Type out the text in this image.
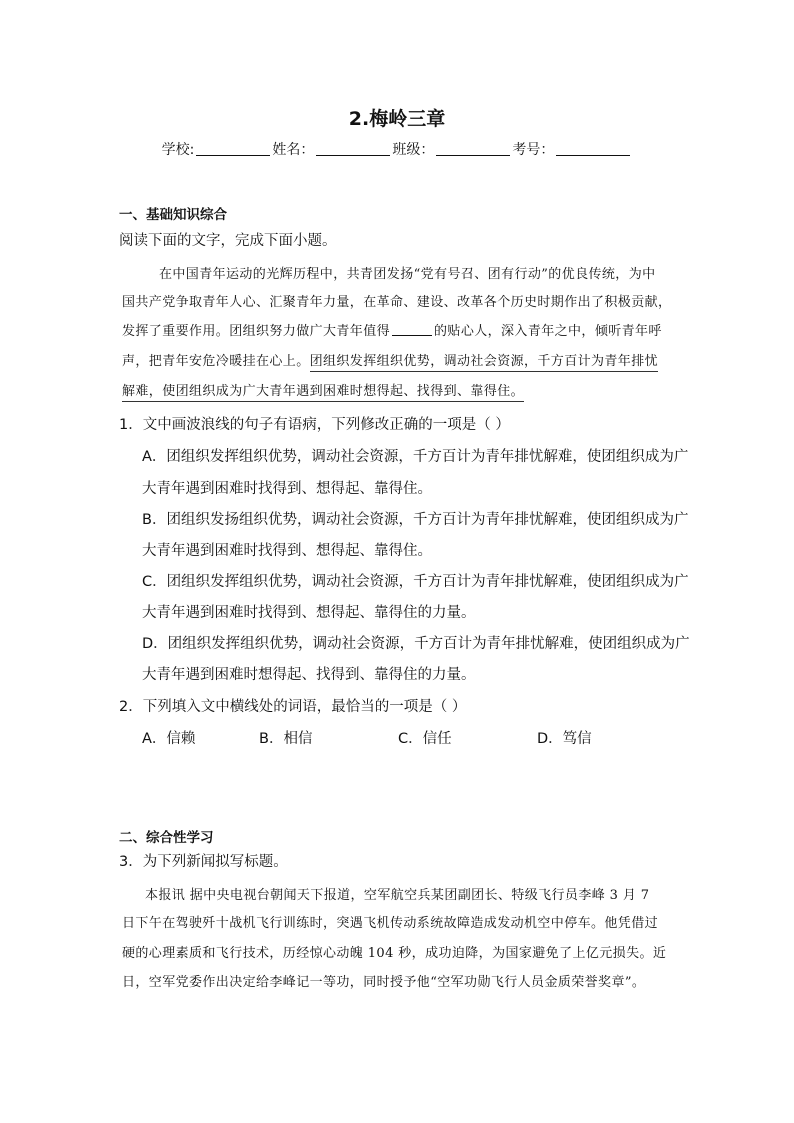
2.梅岭三章
学校:	姓名：	班级：	考号：
一、基础知识综合
阅读下面的文字，完成下面小题。
在中国青年运动的光辉历程中，共青团发扬“党有号召、团有行动”的优良传统，为中
国共产党争取青年人心、汇聚青年力量，在革命、建设、改革各个历史时期作出了积极贡献，
发挥了重要作用。团组织努力做广大青年值得	的贴心人，深入青年之中，倾听青年呼
声，把青年安危冷暖挂在心上。团组织发挥组织优势，调动社会资源，千方百计为青年排忧
解难，使团组织成为广大青年遇到困难时想得起、找得到、靠得住。
1．文中画波浪线的句子有语病，下列修改正确的一项是（ ）
A．团组织发挥组织优势，调动社会资源，千方百计为青年排忧解难，使团组织成为广
大青年遇到困难时找得到、想得起、靠得住。
B．团组织发扬组织优势，调动社会资源，千方百计为青年排忧解难，使团组织成为广
大青年遇到困难时找得到、想得起、靠得住。
C．团组织发挥组织优势，调动社会资源，千方百计为青年排忧解难，使团组织成为广
大青年遇到困难时找得到、想得起、靠得住的力量。
D．团组织发挥组织优势，调动社会资源，千方百计为青年排忧解难，使团组织成为广
大青年遇到困难时想得起、找得到、靠得住的力量。
2．下列填入文中横线处的词语，最恰当的一项是（ ）
A．信赖	B．相信	C．信任	D．笃信
二、综合性学习
3．为下列新闻拟写标题。
本报讯 据中央电视台朝闻天下报道，空军航空兵某团副团长、特级飞行员李峰 3 月 7
日下午在驾驶歼十战机飞行训练时，突遇飞机传动系统故障造成发动机空中停车。他凭借过
硬的心理素质和飞行技术，历经惊心动魄 104 秒，成功迫降，为国家避免了上亿元损失。近
日，空军党委作出决定给李峰记一等功，同时授予他“空军功勋飞行人员金质荣誉奖章”。
